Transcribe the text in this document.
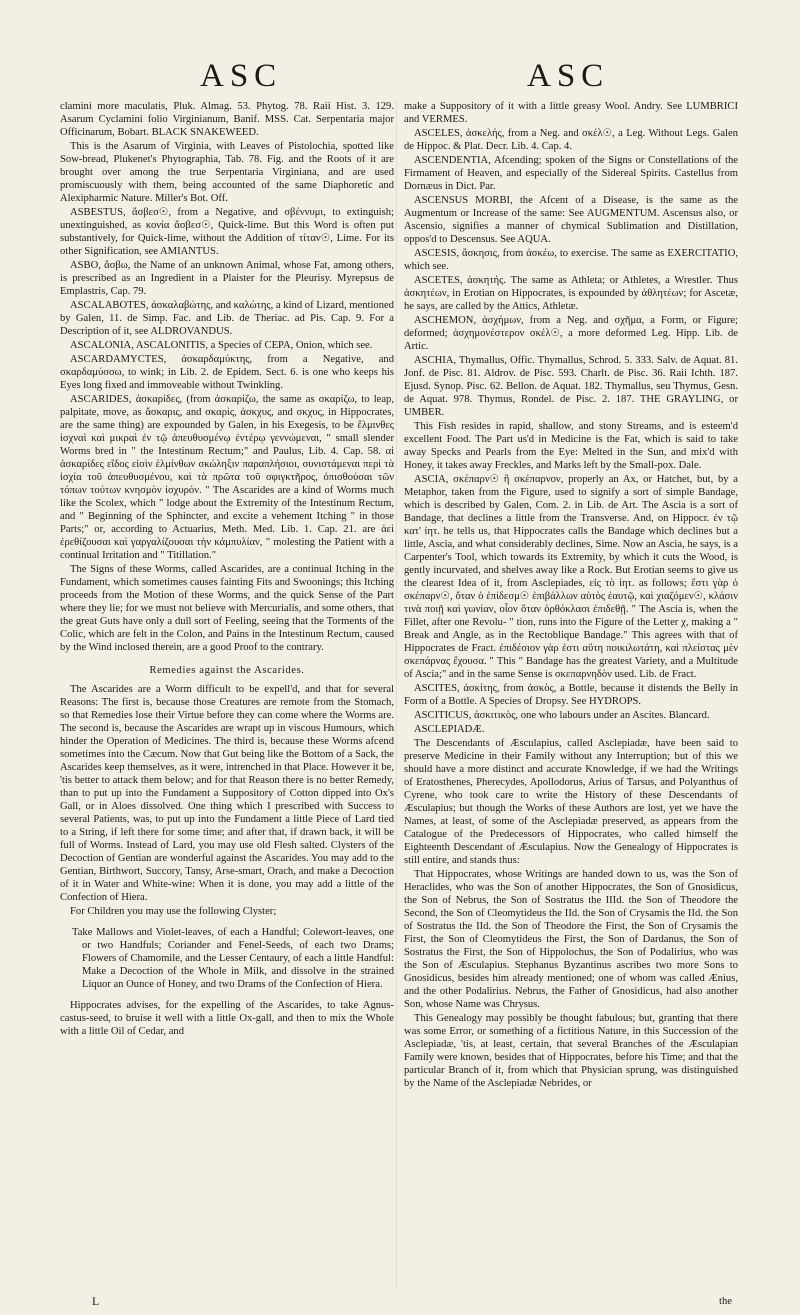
ASC	ASC

clamini more maculatis, Pluk. Almag. 53. Phytog. 78. Raii Hist. 3. 129. Asarum Cyclamini folio Virginianum, Banif. MSS. Cat. Serpentaria major Officinarum, Bobart. BLACK SNAKEWEED.

This is the Asarum of Virginia, with Leaves of Pistolochia, spotted like Sow-bread, Plukenet's Phytographia, Tab. 78. Fig. and the Roots of it are brought over among the true Serpentaria Virginiana, and are used promiscuously with them, being accounted of the same Diaphoretic and Alexipharmic Nature. Miller's Bot. Off.

ASBESTUS, ἄσβεσ☉, from a Negative, and σβέννυμι, to extinguish; unextinguished, as κονία ἄσβεσ☉, Quick-lime. But this Word is often put substantively, for Quick-lime, without the Addition of τίταν☉, Lime. For its other Signification, see AMIANTUS.

ASBO, ἄσβω, the Name of an unknown Animal, whose Fat, among others, is prescribed as an Ingredient in a Plaister for the Pleurisy. Myrepsus de Emplastris, Cap. 79.

ASCALABOTES, ἀσκαλαβώτης, and καλώτης, a kind of Lizard, mentioned by Galen, 11. de Simp. Fac. and Lib. de Theriac. ad Pis. Cap. 9. For a Description of it, see ALDROVANDUS.

ASCALONIA, ASCALONITIS, a Species of CEPA, Onion, which see.

ASCARDAMYCTES, ἀσκαρδαμύκτης, from a Negative, and σκαρδαμύσσω, to wink; in Lib. 2. de Epidem. Sect. 6. is one who keeps his Eyes long fixed and immoveable without Twinkling.

ASCARIDES, ἀσκαρίδες, (from ἀσκαρίζω, the same as σκαρίζω, to leap, palpitate, move, as ἄσκαρις, and σκαρὶς, ἀσκχυς, and σκχυς, in Hippocrates, are the same thing) are expounded by Galen, in his Exegesis, to be ἕλμινθες ἰσχναὶ καὶ μικραὶ ἐν τῷ ἀπευθυσμένῳ ἐντέρῳ γεννώμεναι, " small slender Worms bred in " the Intestinum Rectum;" and Paulus, Lib. 4. Cap. 58. αἱ ἀσκαρίδες εἴδος εἰσὶν ἑλμίνθων σκώληξιν παραπλήσιοι, συνιστάμεναι περὶ τὰ ἰσχία τοῦ ἀπευθυσμένου, καὶ τὰ πρῶτα τοῦ σφιγκτῆρος, ὀπισθούσαι τῶν τόπων τούτων κνησμὸν ἰσχυρόν. " The Ascarides are a kind of Worms much like the Scolex, which " lodge about the Extremity of the Intestinum Rectum, and " Beginning of the Sphincter, and excite a vehement Itching " in those Parts;" or, according to Actuarius, Meth. Med. Lib. 1. Cap. 21. are ἀεὶ ἐρεθίζουσαι καὶ γαργαλίζουσαι τὴν κάμπυλίαν, " molesting the Patient with a continual Irritation and " Titillation."

The Signs of these Worms, called Ascarides, are a continual Itching in the Fundament, which sometimes causes fainting Fits and Swoonings; this Itching proceeds from the Motion of these Worms, and the quick Sense of the Part where they lie; for we must not believe with Mercurialis, and some others, that the great Guts have only a dull sort of Feeling, seeing that the Torments of the Colic, which are felt in the Colon, and Pains in the Intestinum Rectum, caused by the Wind inclosed therein, are a good Proof to the contrary.

Remedies against the Ascarides.

The Ascarides are a Worm difficult to be expell'd, and that for several Reasons: The first is, because those Creatures are remote from the Stomach, so that Remedies lose their Virtue before they can come where the Worms are. The second is, because the Ascarides are wrapt up in viscous Humours, which hinder the Operation of Medicines. The third is, because these Worms afcend sometimes into the Cæcum. Now that Gut being like the Bottom of a Sack, the Ascarides keep themselves, as it were, intrenched in that Place. However it be, 'tis better to attack them below; and for that Reason there is no better Remedy, than to put up into the Fundament a Suppository of Cotton dipped into Ox's Gall, or in Aloes dissolved. One thing which I prescribed with Success to several Patients, was, to put up into the Fundament a little Piece of Lard tied to a String, if left there for some time; and after that, if drawn back, it will be full of Worms. Instead of Lard, you may use old Flesh salted. Clysters of the Decoction of Gentian are wonderful against the Ascarides. You may add to the Gentian, Birthwort, Succory, Tansy, Arse-smart, Orach, and make a Decoction of it in Water and White-wine: When it is done, you may add a little of the Confection of Hiera.

For Children you may use the following Clyster;

Take Mallows and Violet-leaves, of each a Handful; Colewort-leaves, one or two Handfuls; Coriander and Fenel-Seeds, of each two Drams; Flowers of Chamomile, and the Lesser Centaury, of each a little Handful: Make a Decoction of the Whole in Milk, and dissolve in the strained Liquor an Ounce of Honey, and two Drams of the Confection of Hiera.

Hippocrates advises, for the expelling of the Ascarides, to take Agnus-castus-seed, to bruise it well with a little Ox-gall, and then to mix the Whole with a little Oil of Cedar, and

make a Suppository of it with a little greasy Wool. Andry. See LUMBRICI and VERMES.

ASCELES, ἀσκελής, from a Neg. and σκέλ☉, a Leg. Without Legs. Galen de Hippoc. & Plat. Decr. Lib. 4. Cap. 4.

ASCENDENTIA, Afcending; spoken of the Signs or Constellations of the Firmament of Heaven, and especially of the Sidereal Spirits. Castellus from Dornæus in Dict. Par.

ASCENSUS MORBI, the Afcent of a Disease, is the same as the Augmentum or Increase of the same: See AUGMENTUM. Ascensus also, or Ascensio, signifies a manner of chymical Sublimation and Distillation, oppos'd to Descensus. See AQUA.

ASCESIS, ἄσκησις, from ἀσκέω, to exercise. The same as EXERCITATIO, which see.

ASCETES, ἀσκητής. The same as Athleta; or Athletes, a Wrestler. Thus ἀσκητέων, in Erotian on Hippocrates, is expounded by ἀθλητέων; for Ascetæ, he says, are called by the Attics, Athletæ.

ASCHEMON, ἀσχήμων, from a Neg. and σχῆμα, a Form, or Figure; deformed; ἀσχημονέστερον σκέλ☉, a more deformed Leg. Hipp. Lib. de Artic.

ASCHIA, Thymallus, Offic. Thymallus, Schrod. 5. 333. Salv. de Aquat. 81. Jonf. de Pisc. 81. Aldrov. de Pisc. 593. Charlt. de Pisc. 36. Raii Ichth. 187. Ejusd. Synop. Pisc. 62. Bellon. de Aquat. 182. Thymallus, seu Thymus, Gesn. de Aquat. 978. Thymus, Rondel. de Pisc. 2. 187. THE GRAYLING, or UMBER.

This Fish resides in rapid, shallow, and stony Streams, and is esteem'd excellent Food. The Part us'd in Medicine is the Fat, which is said to take away Specks and Pearls from the Eye: Melted in the Sun, and mix'd with Honey, it takes away Freckles, and Marks left by the Small-pox. Dale.

ASCIA, σκέπαρν☉ ἢ σκέπαρνον, properly an Ax, or Hatchet, but, by a Metaphor, taken from the Figure, used to signify a sort of simple Bandage, which is described by Galen, Com. 2. in Lib. de Art. The Ascia is a sort of Bandage, that declines a little from the Transverse. And, on Hippocr. ἐν τῷ κατ' ἰητ. he tells us, that Hippocrates calls the Bandage which declines but a little, Ascia, and what considerably declines, Sime. Now an Ascia, he says, is a Carpenter's Tool, which towards its Extremity, by which it cuts the Wood, is gently incurvated, and shelves away like a Rock. But Erotian seems to give us the clearest Idea of it, from Asclepiades, εἰς τὸ ἰητ. as follows; ἔστι γὰρ ὁ σκέπαρν☉, ὅταν ὁ ἐπίδεσμ☉ ἐπιβάλλων αὐτὸς ἑαυτῷ, καὶ χιαζόμεν☉, κλάσιν τινὰ ποιῇ καὶ γωνίαν, οἷον ὅταν ὀρθόκλασι ἐπιδεθῇ. " The Ascia is, when the Fillet, after one Revolu- " tion, runs into the Figure of the Letter χ, making a " Break and Angle, as in the Rectoblique Bandage." This agrees with that of Hippocrates de Fract. ἐπιδέσιον γὰρ ἐστι αὕτη ποικιλωτάτη, καὶ πλείστας μὲν σκεπάρνας ἔχουσα. " This " Bandage has the greatest Variety, and a Multitude of Ascia;" and in the same Sense is σκεπαρνηδὸν used. Lib. de Fract.

ASCITES, ἀσκίτης, from ἀσκὸς, a Bottle, because it distends the Belly in Form of a Bottle. A Species of Dropsy. See HYDROPS.

ASCITICUS, ἀσκιτικὸς, one who labours under an Ascites. Blancard.

ASCLEPIADÆ.

The Descendants of Æsculapius, called Asclepiadæ, have been said to preserve Medicine in their Family without any Interruption; but of this we should have a more distinct and accurate Knowledge, if we had the Writings of Eratosthenes, Pherecydes, Apollodorus, Arius of Tarsus, and Polyanthus of Cyrene, who took care to write the History of these Descendants of Æsculapius; but though the Works of these Authors are lost, yet we have the Names, at least, of some of the Asclepiadæ preserved, as appears from the Catalogue of the Predecessors of Hippocrates, who called himself the Eighteenth Descendant of Æsculapius. Now the Genealogy of Hippocrates is still entire, and stands thus:

That Hippocrates, whose Writings are handed down to us, was the Son of Heraclides, who was the Son of another Hippocrates, the Son of Gnosidicus, the Son of Nebrus, the Son of Sostratus the IIId. the Son of Theodore the Second, the Son of Cleomytideus the IId. the Son of Crysamis the IId. the Son of Sostratus the IId. the Son of Theodore the First, the Son of Crysamis the First, the Son of Cleomytideus the First, the Son of Dardanus, the Son of Sostratus the First, the Son of Hippolochus, the Son of Podalirius, who was the Son of Æsculapius. Stephanus Byzantinus ascribes two more Sons to Gnosidicus, besides him already mentioned; one of whom was called Ænius, and the other Podalirius. Nebrus, the Father of Gnosidicus, had also another Son, whose Name was Chrysus.

This Genealogy may possibly be thought fabulous; but, granting that there was some Error, or something of a fictitious Nature, in this Succession of the Asclepiadæ, 'tis, at least, certain, that several Branches of the Æsculapian Family were known, besides that of Hippocrates, before his Time; and that the particular Branch of it, from which that Physician sprung, was distinguished by the Name of the Asclepiadæ Nebrides, or

L	the
